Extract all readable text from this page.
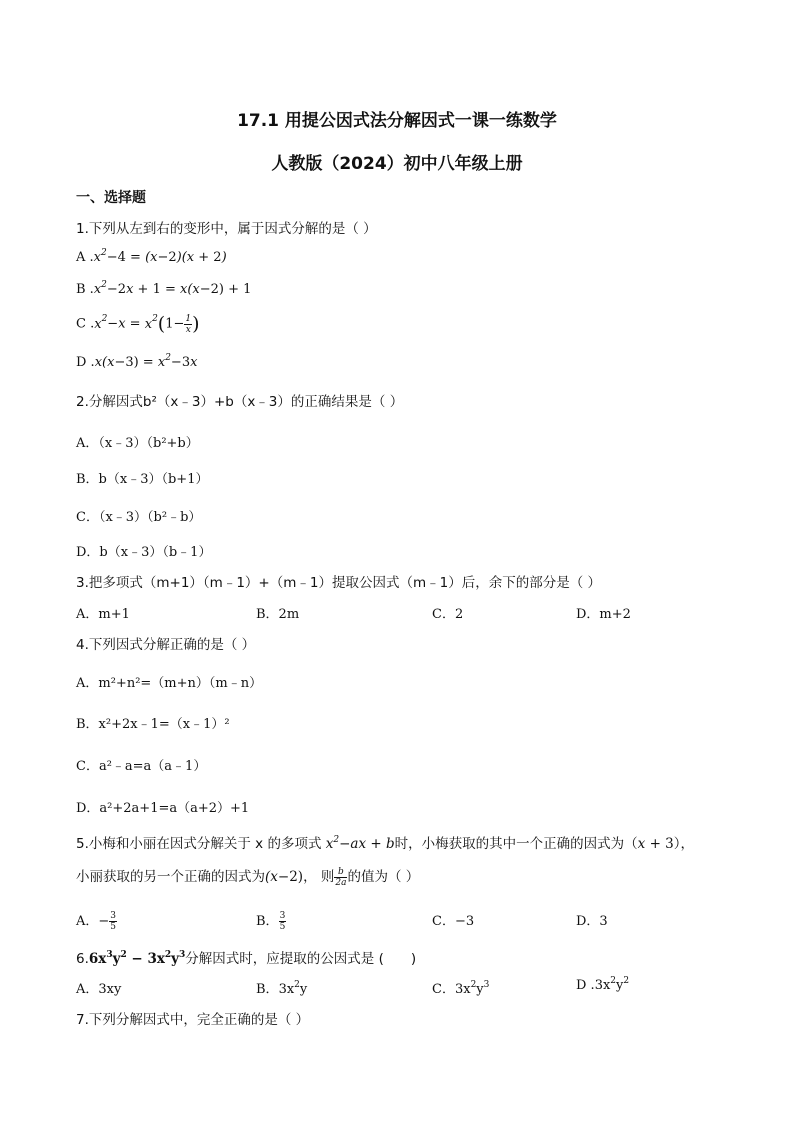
17.1 用提公因式法分解因式一课一练数学
人教版（2024）初中八年级上册
一、选择题
1.下列从左到右的变形中，属于因式分解的是（ ）
A $.x^2-4 = (x-2)(x + 2)$
B $.x^2-2x + 1 = x(x-2) + 1$
C $.x^2-x = x^2(1- \frac{1}{x}$ )
D $.x(x-3) = x^2-3x$
2.分解因式b²（x﹣3）+b（x﹣3）的正确结果是（ ）
A．（x﹣3）（b²+b）
B．b（x﹣3）（b+1）
C．（x﹣3）（b²﹣b）
D．b（x﹣3）（b﹣1）
3.把多项式（m+1）（m﹣1）+（m﹣1）提取公因式（m﹣1）后，余下的部分是（ ）
A．m+1	B．2m	C．2	D．m+2
4.下列因式分解正确的是（ ）
A．m²+n²=（m+n）（m﹣n）
B．x²+2x﹣1=（x﹣1）²
C．a²﹣a=a（a﹣1）
D．a²+2a+1=a（a+2）+1
5.小梅和小丽在因式分解关于 x 的多项式 $x^2-ax + b$时，小梅获取的其中一个正确的因式为（x + 3），
小丽获取的另一个正确的因式为(x−2)， 则 $\frac{b}{2a}$ 的值为（ ）
A．− $\frac{3}{5}$	B． $\frac{3}{5}$	C．−3	D．3
$6.6x^3y^2 - 3x^2y^3$分解因式时，应提取的公因式是 (　　)
A．3xy	B．$3x^2y$	C．$3x^2y^3$	D $.3x^2y^2$
7.下列分解因式中，完全正确的是（ ）
